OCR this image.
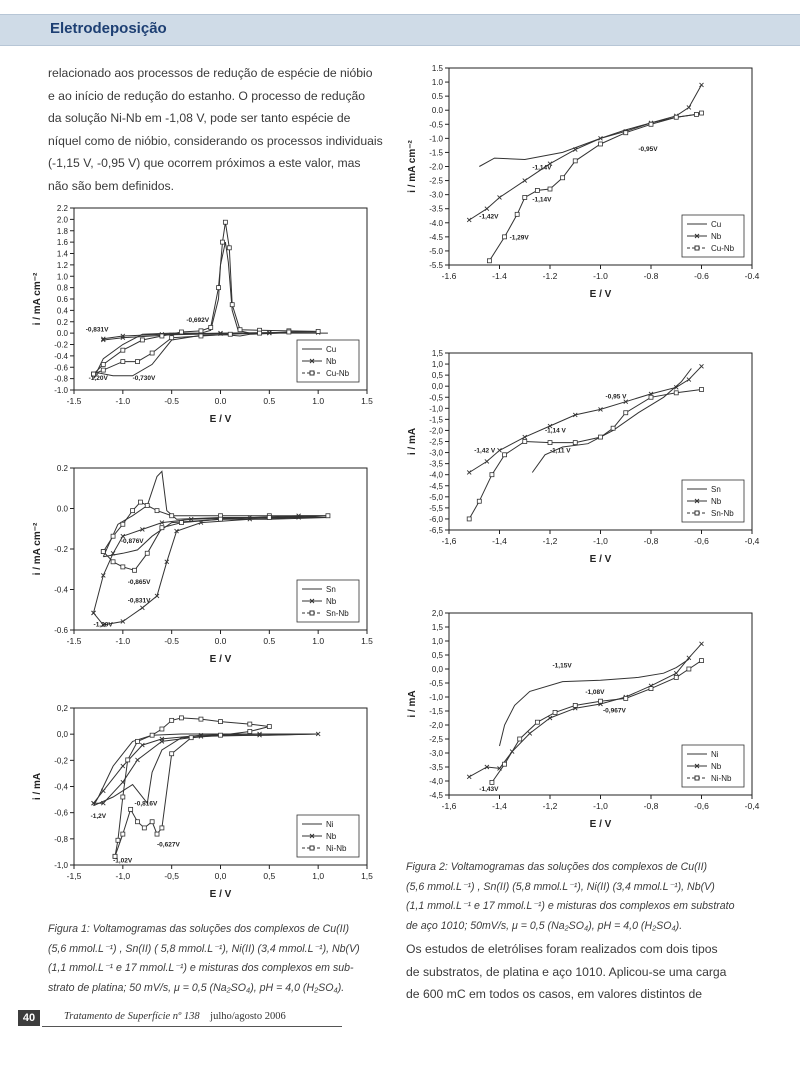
Eletrodeposição
relacionado aos processos de redução de espécie de nióbio
e ao início de redução do estanho. O processo de redução
da solução Ni-Nb em -1,08 V, pode ser tanto espécie de
níquel como de nióbio, considerando os processos individuais
(-1,15 V, -0,95 V) que ocorrem próximos a este valor, mas
não são bem definidos.
-1.5	-1.0	-0.5	0.0	0.5	1.0	1.5
2.2
2.0
1.8
1.6
1.4
1.2
1.0
0.8
0.6
0.4
0.2
0.0
-0.2
-0.4
-0.6
-0.8
-1.0
E / V
i / mA cm⁻²
-0,831V
-0,692V
-1,20V	-0,730V
Cu
Nb
Cu-Nb
-1.5	-1.0	-0.5	0.0	0.5	1.0	1.5
0.2
0.0
-0.2
-0.4
-0.6
E / V
i / mA cm⁻²	-0,876V
-0,865V
-0,831V
-1,20V
Sn
Nb
Sn-Nb
-1,5	-1,0	-0,5	0,0	0,5	1,0	1,5
0,2
0,0
-0,2
-0,4
-0,6
-0,8
-1,0
E / V
i / mA
-0,816V
-1,2V
-0,627V
-1,02V
Ni
Nb
Ni-Nb
Figura 1: Voltamogramas das soluções dos complexos de Cu(II)
(5,6 mmol.L⁻¹) , Sn(II) ( 5,8 mmol.L⁻¹), Ni(II) (3,4 mmol.L⁻¹), Nb(V)
(1,1 mmol.L⁻¹ e 17 mmol.L⁻¹) e misturas dos complexos em sub-
strato de platina; 50 mV/s, μ = 0,5 (Na₂SO₄), pH = 4,0 (H₂SO₄).
-1.6	-1.4	-1.2	-1.0	-0.8	-0.6	-0.4
1.5
1.0
0.5
0.0
-0.5
-1.0
-1.5
-2.0
-2.5
-3.0
-3.5
-4.0
-4.5
-5.0
-5.5
E / V
i / mA cm⁻²	-0,95V
-1,14V
-1,14V
-1,42V
-1,29V
Cu
Nb
Cu-Nb
-1,6	-1,4	-1,2	-1,0	-0,8	-0,6	-0,4
1,5
1,0
0,5
0,0
-0,5
-1,0
-1,5
-2,0
-2,5
-3,0
-3,5
-4,0
-4,5
-5,0
-5,5
-6,0
-6,5
E / V
i / mA
-0,95 V
-1,14 V
-1,11 V
-1,42 V
Sn
Nb
Sn-Nb
-1,6	-1,4	-1,2	-1,0	-0,8	-0,6	-0,4
2,0
1,5
1,0
0,5
0,0
-0,5
-1,0
-1,5
-2,0
-2,5
-3,0
-3,5
-4,0
-4,5
E / V
i / mA
-1,15V
-1,08V
-0,967V
-1,43V
Ni
Nb
Ni-Nb
Figura 2: Voltamogramas das soluções dos complexos de Cu(II)
(5,6 mmol.L⁻¹) , Sn(II) (5,8 mmol.L⁻¹), Ni(II) (3,4 mmol.L⁻¹), Nb(V)
(1,1 mmol.L⁻¹ e 17 mmol.L⁻¹) e misturas dos complexos em substrato
de aço 1010; 50mV/s, μ = 0,5 (Na₂SO₄), pH = 4,0 (H₂SO₄).
Os estudos de eletrólises foram realizados com dois tipos
de substratos, de platina e aço 1010. Aplicou-se uma carga
de 600 mC em todos os casos, em valores distintos de
40	Tratamento de Superfície nº 138 julho/agosto 2006
